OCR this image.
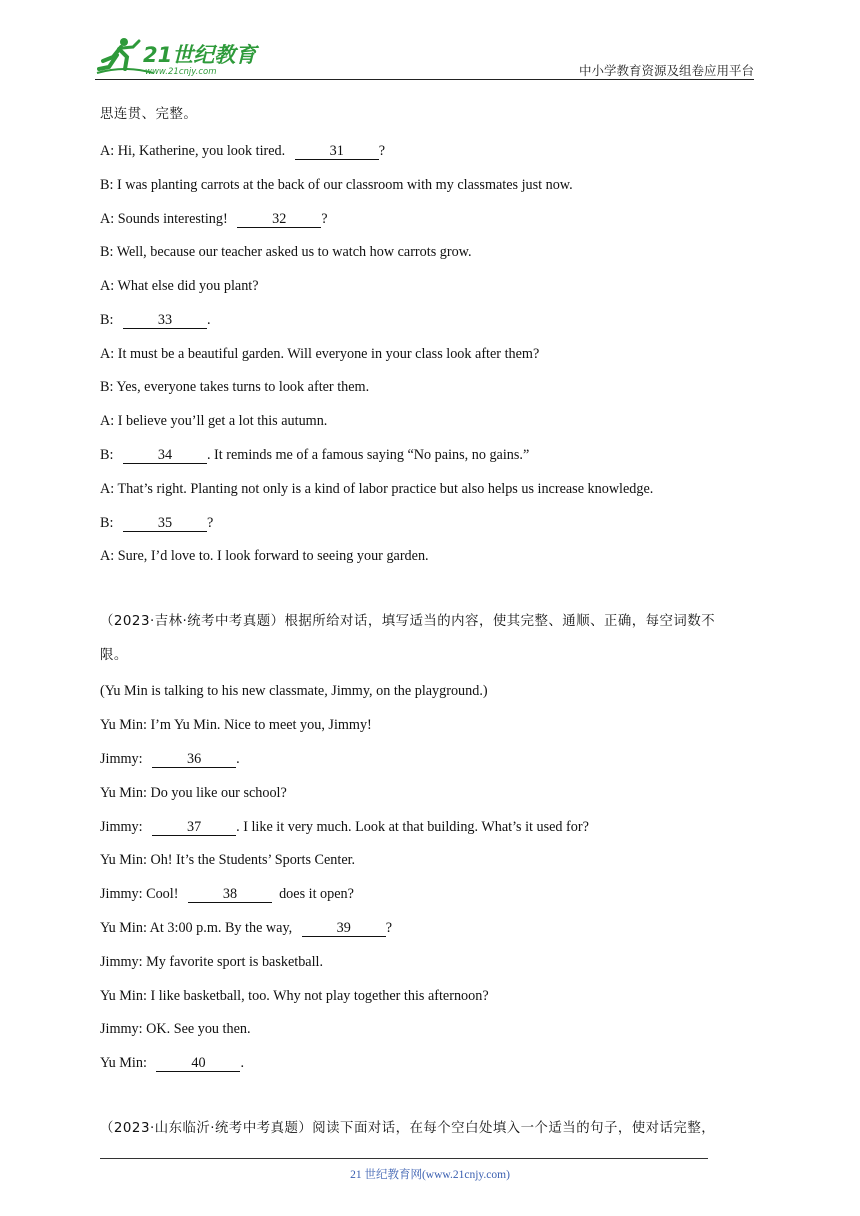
21世纪教育
www.21cnjy.com	中小学教育资源及组卷应用平台
思连贯、完整。
A: Hi, Katherine, you look tired.	31 ?
B: I was planting carrots at the back of our classroom with my classmates just now.
A: Sounds interesting!	32 ?
B: Well, because our teacher asked us to watch how carrots grow.
A: What else did you plant?
B:	33 .
A: It must be a beautiful garden. Will everyone in your class look after them?
B: Yes, everyone takes turns to look after them.
A: I believe you’ll get a lot this autumn.
B:	34 . It reminds me of a famous saying “No pains, no gains.”
A: That’s right. Planting not only is a kind of labor practice but also helps us increase knowledge.
B:	35 ?
A: Sure, I’d love to. I look forward to seeing your garden.
（2023·吉林·统考中考真题）根据所给对话，填写适当的内容，使其完整、通顺、正确，每空词数不
限。
(Yu Min is talking to his new classmate, Jimmy, on the playground.)
Yu Min: I’m Yu Min. Nice to meet you, Jimmy!
Jimmy:	36 .
Yu Min: Do you like our school?
Jimmy:	37 . I like it very much. Look at that building. What’s it used for?
Yu Min: Oh! It’s the Students’ Sports Center.
Jimmy: Cool!	38  does it open?
Yu Min: At 3:00 p.m. By the way,	39 ?
Jimmy: My favorite sport is basketball.
Yu Min: I like basketball, too. Why not play together this afternoon?
Jimmy: OK. See you then.
Yu Min:	40 .
（2023·山东临沂·统考中考真题）阅读下面对话，在每个空白处填入一个适当的句子，使对话完整，
21 世纪教育网(www.21cnjy.com)
